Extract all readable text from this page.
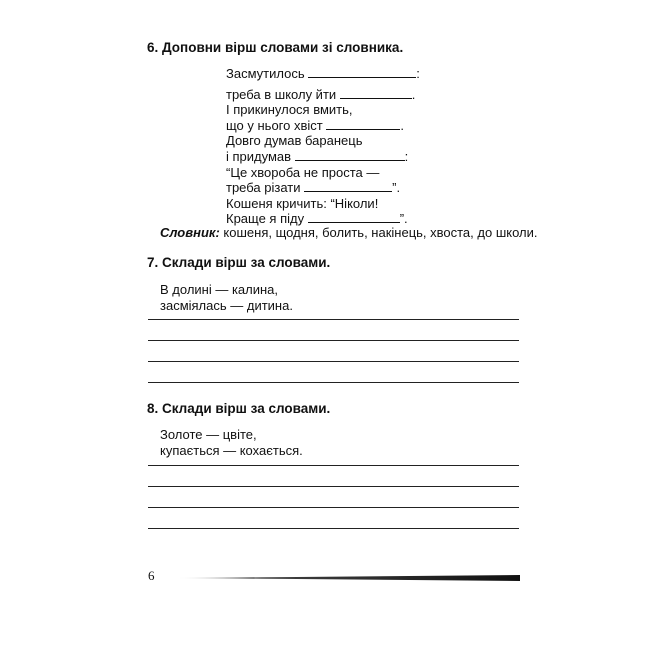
6. Доповни вірш словами зі словника.
Засмутилось	:
треба в школу йти	.
І прикинулося вмить,
що у нього хвіст	.
Довго думав баранець
і придумав	:
“Це хвороба не проста —
треба різати	”.
Кошеня кричить: “Ніколи!
Краще я піду	”.
Словник: кошеня, щодня, болить, накінець, хвоста, до школи.
7. Склади вірш за словами.
В долині — калина,
засміялась — дитина.
8. Склади вірш за словами.
Золоте — цвіте,
купається — кохається.
6
